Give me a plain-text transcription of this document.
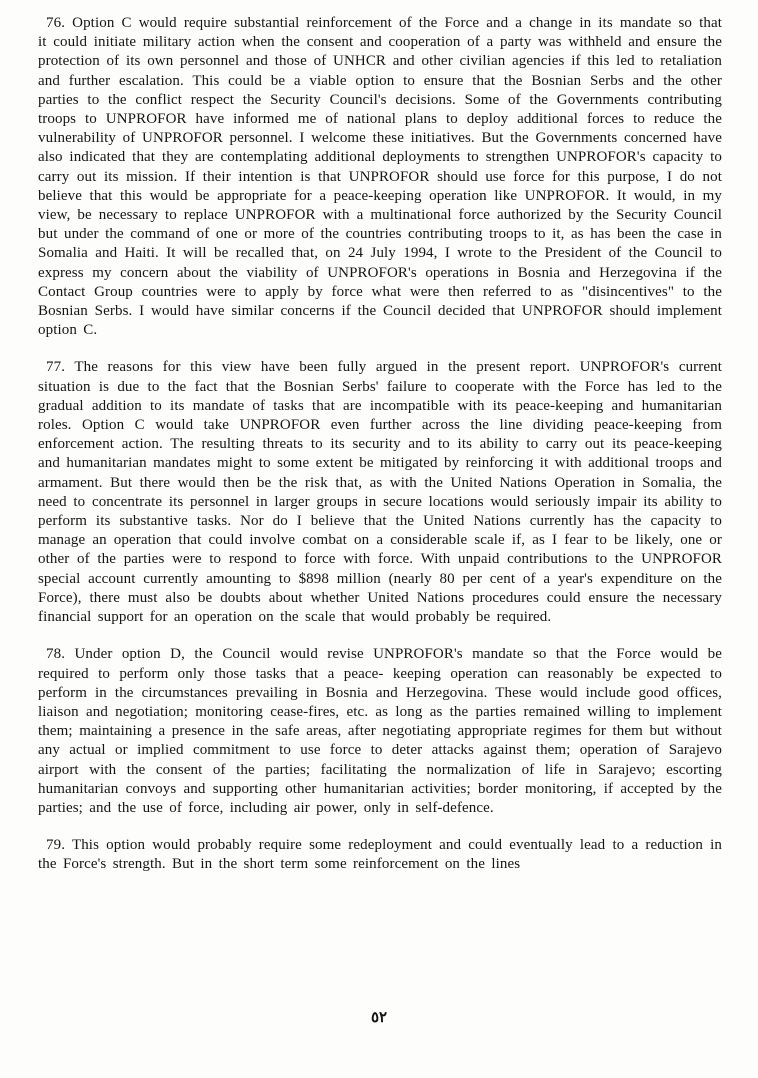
76. Option C would require substantial reinforcement of the Force and a change in its mandate so that it could initiate military action when the consent and cooperation of a party was withheld and ensure the protection of its own personnel and those of UNHCR and other civilian agencies if this led to retaliation and further escalation. This could be a viable option to ensure that the Bosnian Serbs and the other parties to the conflict respect the Security Council's decisions. Some of the Governments contributing troops to UNPROFOR have informed me of national plans to deploy additional forces to reduce the vulnerability of UNPROFOR personnel. I welcome these initiatives. But the Governments concerned have also indicated that they are contemplating additional deployments to strengthen UNPROFOR's capacity to carry out its mission. If their intention is that UNPROFOR should use force for this purpose, I do not believe that this would be appropriate for a peace-keeping operation like UNPROFOR. It would, in my view, be necessary to replace UNPROFOR with a multinational force authorized by the Security Council but under the command of one or more of the countries contributing troops to it, as has been the case in Somalia and Haiti. It will be recalled that, on 24 July 1994, I wrote to the President of the Council to express my concern about the viability of UNPROFOR's operations in Bosnia and Herzegovina if the Contact Group countries were to apply by force what were then referred to as "disincentives" to the Bosnian Serbs. I would have similar concerns if the Council decided that UNPROFOR should implement option C.

77. The reasons for this view have been fully argued in the present report. UNPROFOR's current situation is due to the fact that the Bosnian Serbs' failure to cooperate with the Force has led to the gradual addition to its mandate of tasks that are incompatible with its peace-keeping and humanitarian roles. Option C would take UNPROFOR even further across the line dividing peace-keeping from enforcement action. The resulting threats to its security and to its ability to carry out its peace-keeping and humanitarian mandates might to some extent be mitigated by reinforcing it with additional troops and armament. But there would then be the risk that, as with the United Nations Operation in Somalia, the need to concentrate its personnel in larger groups in secure locations would seriously impair its ability to perform its substantive tasks. Nor do I believe that the United Nations currently has the capacity to manage an operation that could involve combat on a considerable scale if, as I fear to be likely, one or other of the parties were to respond to force with force. With unpaid contributions to the UNPROFOR special account currently amounting to $898 million (nearly 80 per cent of a year's expenditure on the Force), there must also be doubts about whether United Nations procedures could ensure the necessary financial support for an operation on the scale that would probably be required.

78. Under option D, the Council would revise UNPROFOR's mandate so that the Force would be required to perform only those tasks that a peace- keeping operation can reasonably be expected to perform in the circumstances prevailing in Bosnia and Herzegovina. These would include good offices, liaison and negotiation; monitoring cease-fires, etc. as long as the parties remained willing to implement them; maintaining a presence in the safe areas, after negotiating appropriate regimes for them but without any actual or implied commitment to use force to deter attacks against them; operation of Sarajevo airport with the consent of the parties; facilitating the normalization of life in Sarajevo; escorting humanitarian convoys and supporting other humanitarian activities; border monitoring, if accepted by the parties; and the use of force, including air power, only in self-defence.

79. This option would probably require some redeployment and could eventually lead to a reduction in the Force's strength. But in the short term some reinforcement on the lines

٥٢
